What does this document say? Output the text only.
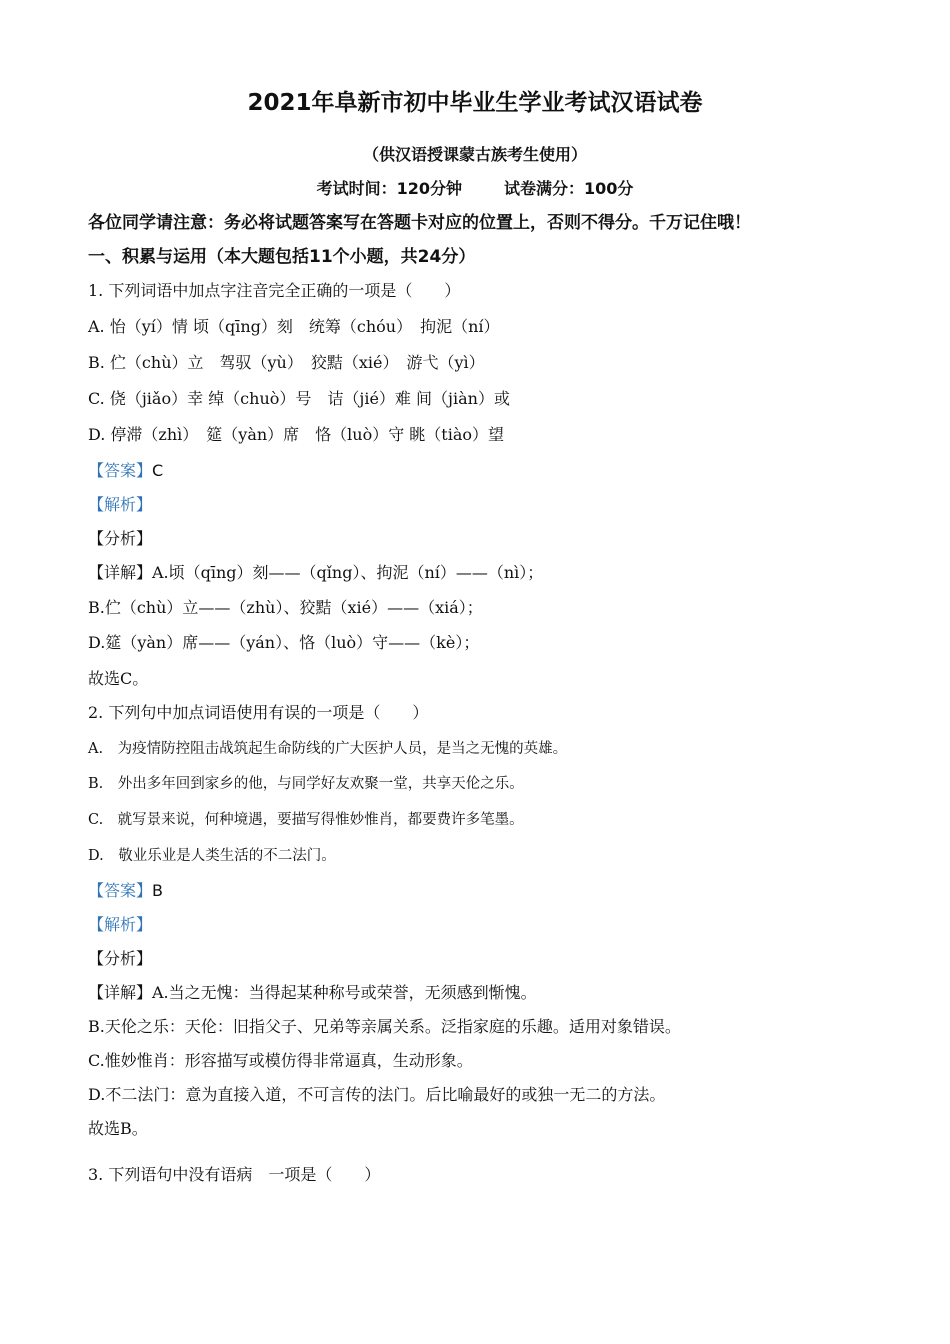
2021年阜新市初中毕业生学业考试汉语试卷
（供汉语授课蒙古族考生使用）
考试时间：120分钟	试卷满分：100分
各位同学请注意：务必将试题答案写在答题卡对应的位置上，否则不得分。千万记住哦！
一、积累与运用（本大题包括11个小题，共24分）
1. 下列词语中加点字注音完全正确的一项是（　　）
A. 怡（yí）情 顷（qīng）刻　统筹（chóu）　拘泥（ní）
B. 伫（chù）立　驾驭（yù）　狡黠（xié）　游弋（yì）
C. 侥（jiǎo）幸 绰（chuò）号　诘（jié）难 间（jiàn）或
D. 停滞（zhì）　筵（yàn）席　恪（luò）守 眺（tiào）望
【答案】C
【解析】
【分析】
【详解】A.顷（qīng）刻——（qǐng）、拘泥（ní）——（nì）；
B.伫（chù）立——（zhù）、狡黠（xié）——（xiá）；
D.筵（yàn）席——（yán）、恪（luò）守——（kè）；
故选C。
2. 下列句中加点词语使用有误的一项是（　　）
A.　为疫情防控阻击战筑起生命防线的广大医护人员，是当之无愧的英雄。
B.　外出多年回到家乡的他，与同学好友欢聚一堂，共享天伦之乐。
C.　就写景来说，何种境遇，要描写得惟妙惟肖，都要费许多笔墨。
D.　敬业乐业是人类生活的不二法门。
【答案】B
【解析】
【分析】
【详解】A.当之无愧：当得起某种称号或荣誉，无须感到惭愧。
B.天伦之乐：天伦：旧指父子、兄弟等亲属关系。泛指家庭的乐趣。适用对象错误。
C.惟妙惟肖：形容描写或模仿得非常逼真，生动形象。
D.不二法门：意为直接入道，不可言传的法门。后比喻最好的或独一无二的方法。
故选B。
3. 下列语句中没有语病　一项是（　　）
